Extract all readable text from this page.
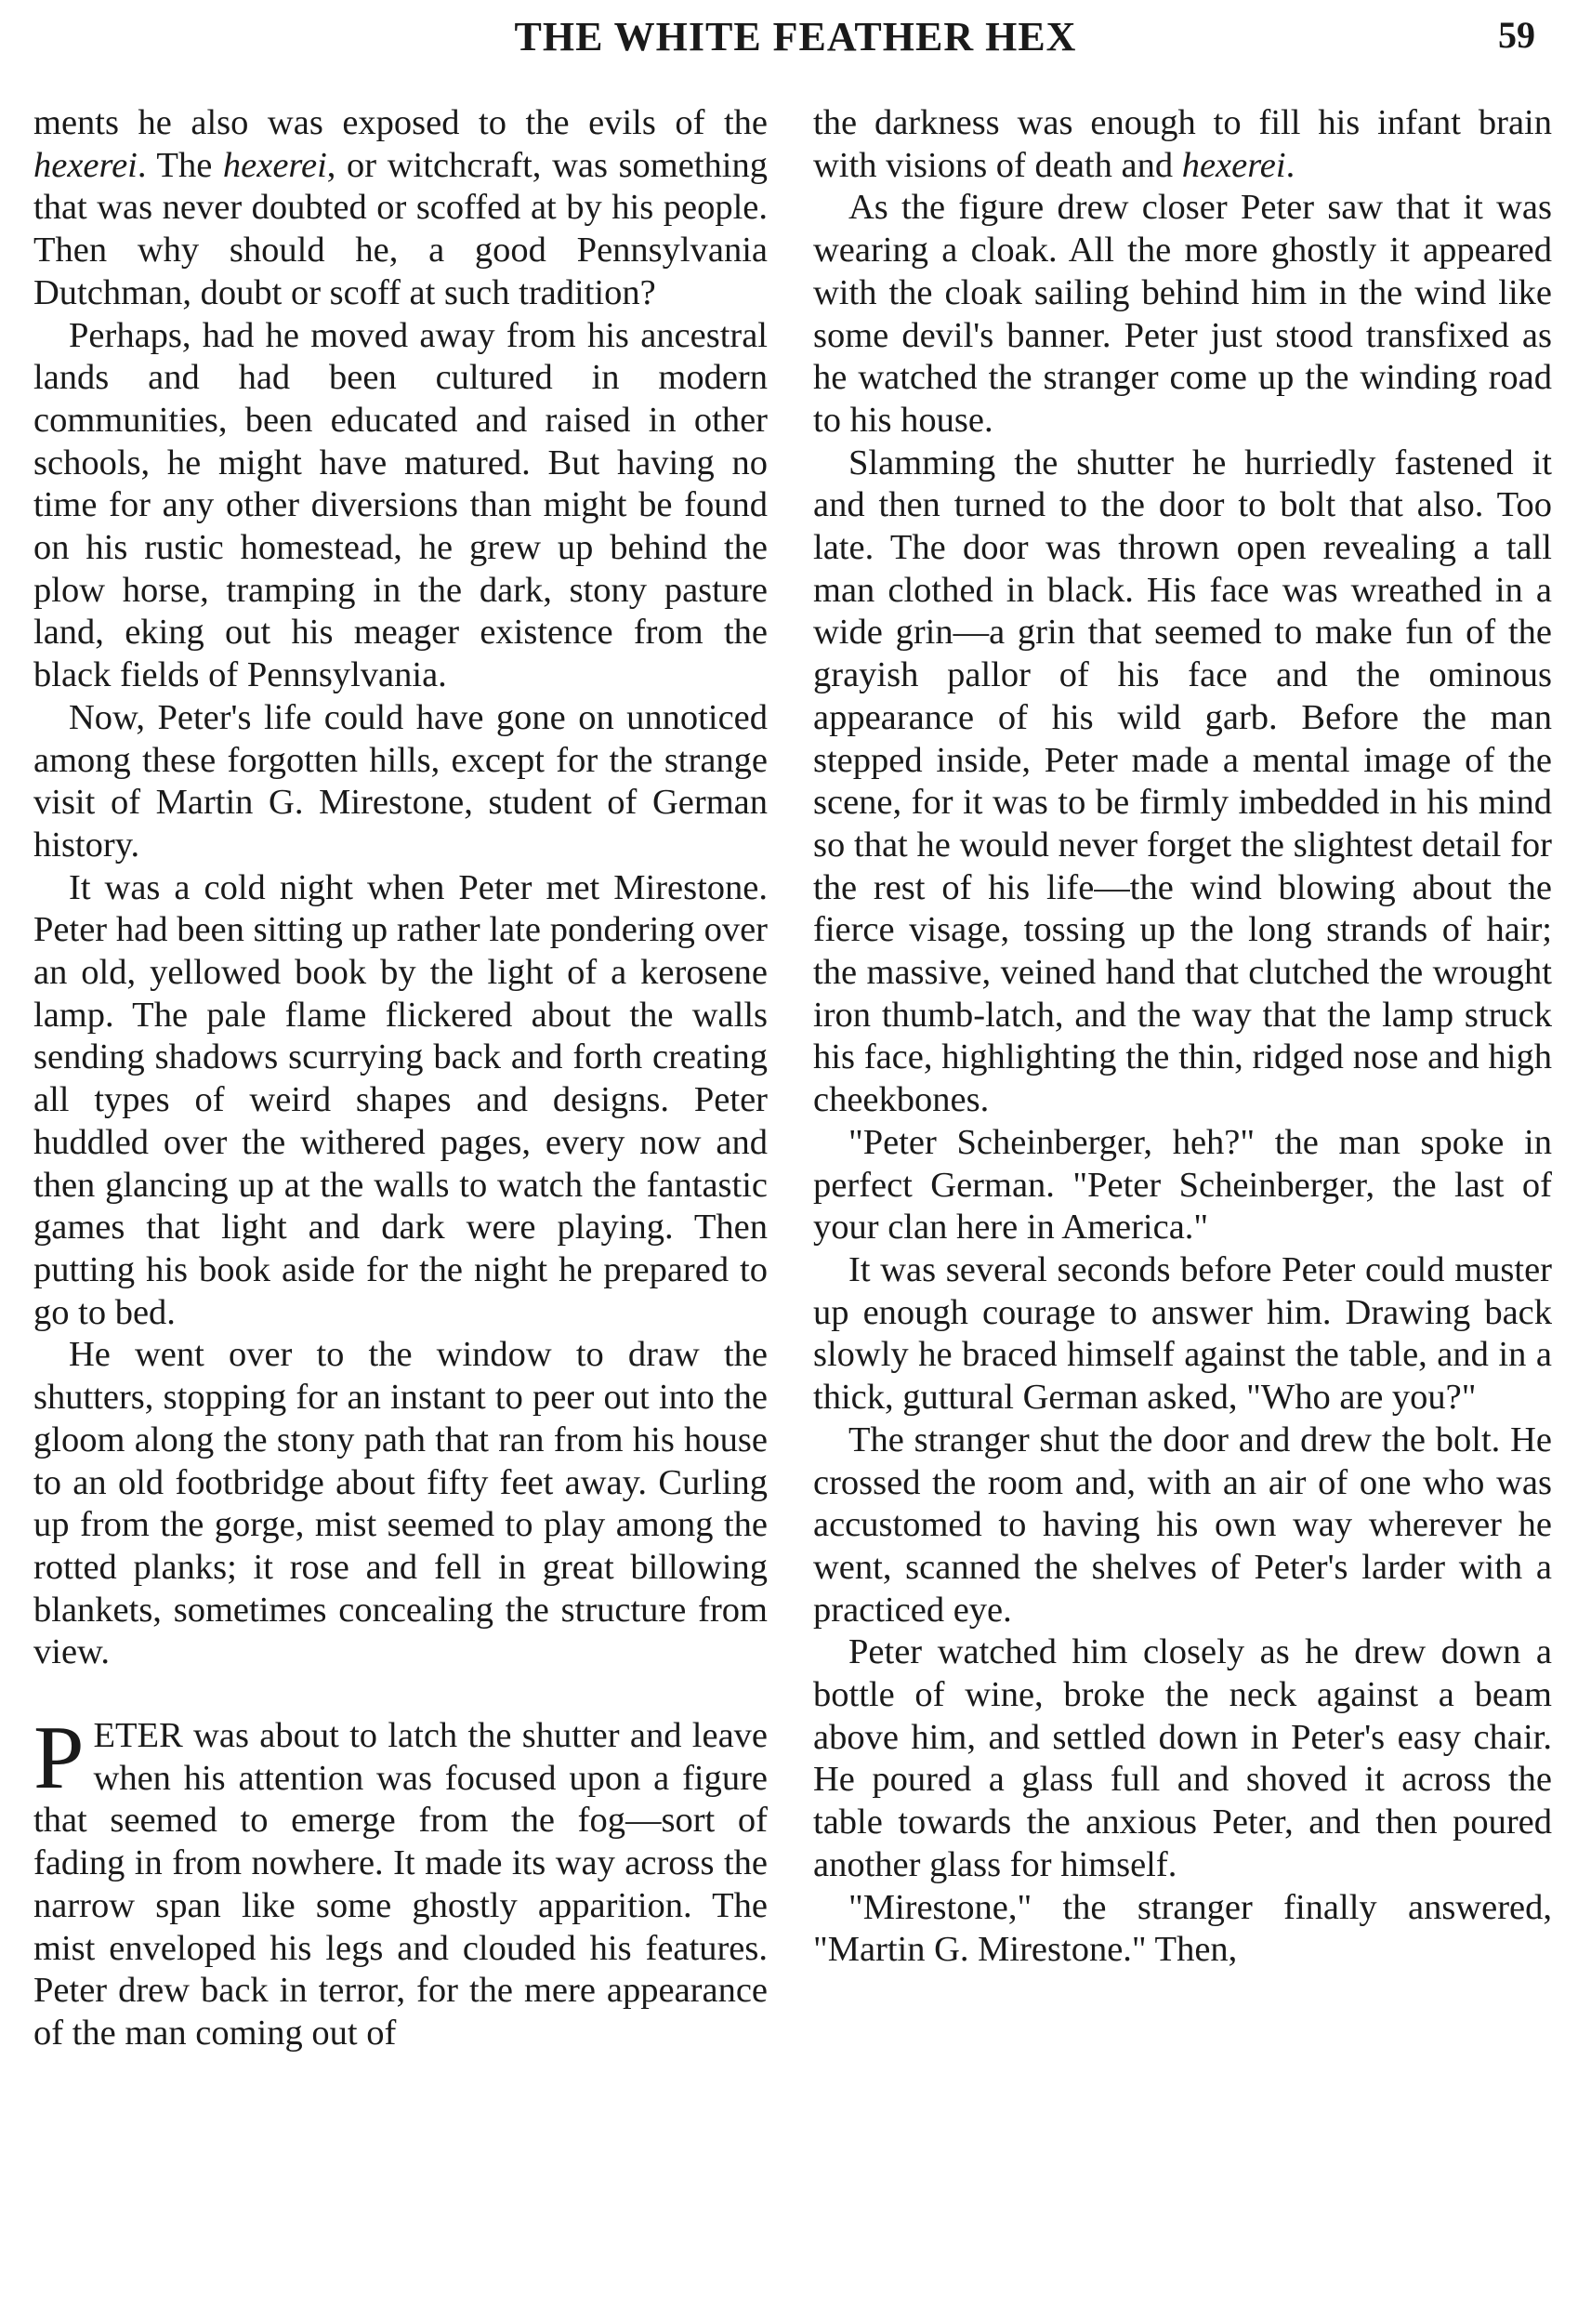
THE WHITE FEATHER HEX	59

ments he also was exposed to the evils of the hexerei. The hexerei, or witchcraft, was something that was never doubted or scoffed at by his people. Then why should he, a good Pennsylvania Dutchman, doubt or scoff at such tradition?

Perhaps, had he moved away from his ancestral lands and had been cultured in modern communities, been educated and raised in other schools, he might have matured. But having no time for any other diversions than might be found on his rustic homestead, he grew up behind the plow horse, tramping in the dark, stony pasture land, eking out his meager existence from the black fields of Pennsylvania.

Now, Peter's life could have gone on unnoticed among these forgotten hills, except for the strange visit of Martin G. Mirestone, student of German history.

It was a cold night when Peter met Mirestone. Peter had been sitting up rather late pondering over an old, yellowed book by the light of a kerosene lamp. The pale flame flickered about the walls sending shadows scurrying back and forth creating all types of weird shapes and designs. Peter huddled over the withered pages, every now and then glancing up at the walls to watch the fantastic games that light and dark were playing. Then putting his book aside for the night he prepared to go to bed.

He went over to the window to draw the shutters, stopping for an instant to peer out into the gloom along the stony path that ran from his house to an old footbridge about fifty feet away. Curling up from the gorge, mist seemed to play among the rotted planks; it rose and fell in great billowing blankets, sometimes concealing the structure from view.

PETER was about to latch the shutter and leave when his attention was focused upon a figure that seemed to emerge from the fog—sort of fading in from nowhere. It made its way across the narrow span like some ghostly apparition. The mist enveloped his legs and clouded his features. Peter drew back in terror, for the mere appearance of the man coming out of

the darkness was enough to fill his infant brain with visions of death and hexerei.

As the figure drew closer Peter saw that it was wearing a cloak. All the more ghostly it appeared with the cloak sailing behind him in the wind like some devil's banner. Peter just stood transfixed as he watched the stranger come up the winding road to his house.

Slamming the shutter he hurriedly fastened it and then turned to the door to bolt that also. Too late. The door was thrown open revealing a tall man clothed in black. His face was wreathed in a wide grin—a grin that seemed to make fun of the grayish pallor of his face and the ominous appearance of his wild garb. Before the man stepped inside, Peter made a mental image of the scene, for it was to be firmly imbedded in his mind so that he would never forget the slightest detail for the rest of his life—the wind blowing about the fierce visage, tossing up the long strands of hair; the massive, veined hand that clutched the wrought iron thumb-latch, and the way that the lamp struck his face, highlighting the thin, ridged nose and high cheekbones.

"Peter Scheinberger, heh?" the man spoke in perfect German. "Peter Scheinberger, the last of your clan here in America."

It was several seconds before Peter could muster up enough courage to answer him. Drawing back slowly he braced himself against the table, and in a thick, guttural German asked, "Who are you?"

The stranger shut the door and drew the bolt. He crossed the room and, with an air of one who was accustomed to having his own way wherever he went, scanned the shelves of Peter's larder with a practiced eye.

Peter watched him closely as he drew down a bottle of wine, broke the neck against a beam above him, and settled down in Peter's easy chair. He poured a glass full and shoved it across the table towards the anxious Peter, and then poured another glass for himself.

"Mirestone," the stranger finally answered, "Martin G. Mirestone." Then,
